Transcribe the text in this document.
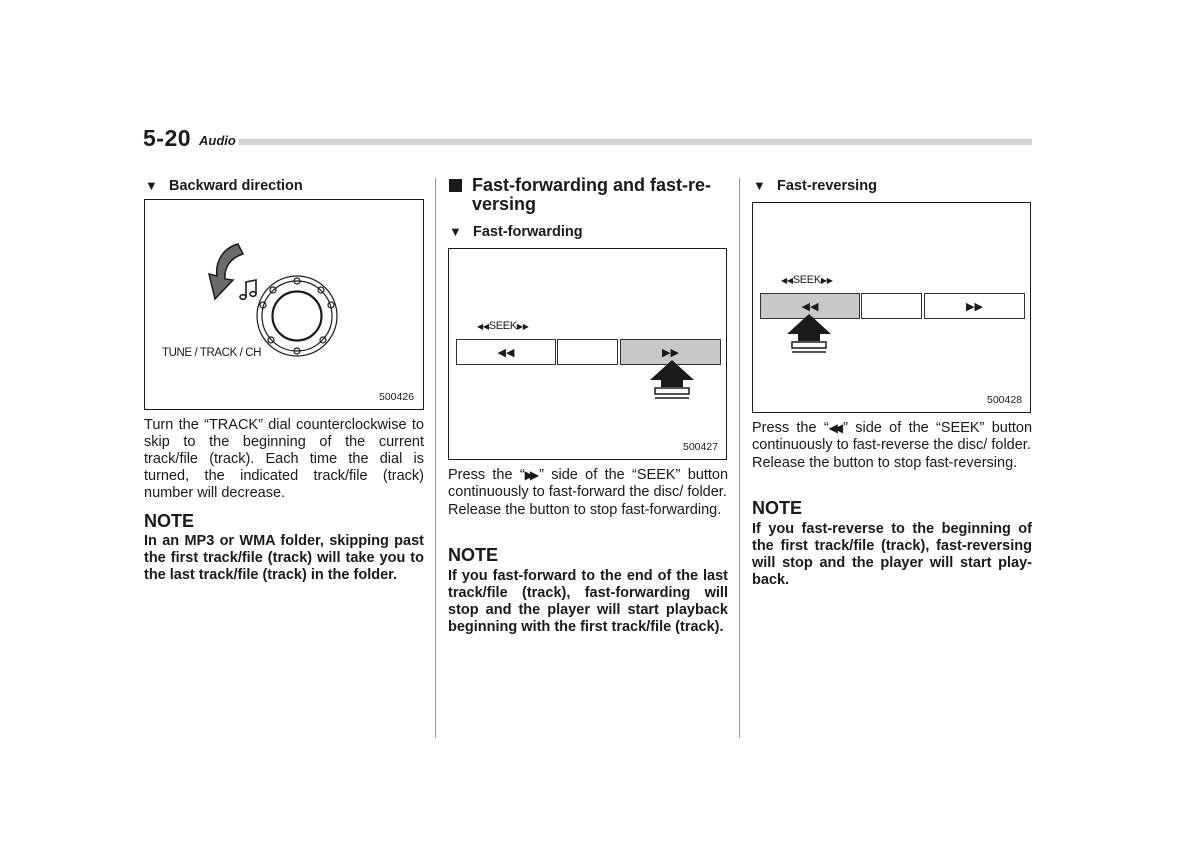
5-20 Audio
▼ Backward direction
TUNE / TRACK / CH
500426
Turn the “TRACK” dial counterclockwise to skip to the beginning of the current track/file (track). Each time the dial is turned, the indicated track/file (track) number will decrease.
NOTE
In an MP3 or WMA folder, skipping past the first track/file (track) will take you to the last track/file (track) in the folder.
Fast-forwarding and fast-re-
versing
▼ Fast-forwarding
◀◀SEEK▶▶
◀◀	▶▶
500427

Press the “▶▶ ” side of the “SEEK” button continuously to fast-forward the disc/ folder.

Release the button to stop fast-forwarding.

NOTE
If you fast-forward to the end of the last track/file (track), fast-forwarding will stop and the player will start playback beginning with the first track/file (track).
▼ Fast-reversing
◀◀SEEK▶▶
◀◀	▶▶
500428

Press the “◀◀ ” side of the “SEEK” button continuously to fast-reverse the disc/ folder.

Release the button to stop fast-reversing.

NOTE
If you fast-reverse to the beginning of the first track/file (track), fast-reversing will stop and the player will start play-back.
